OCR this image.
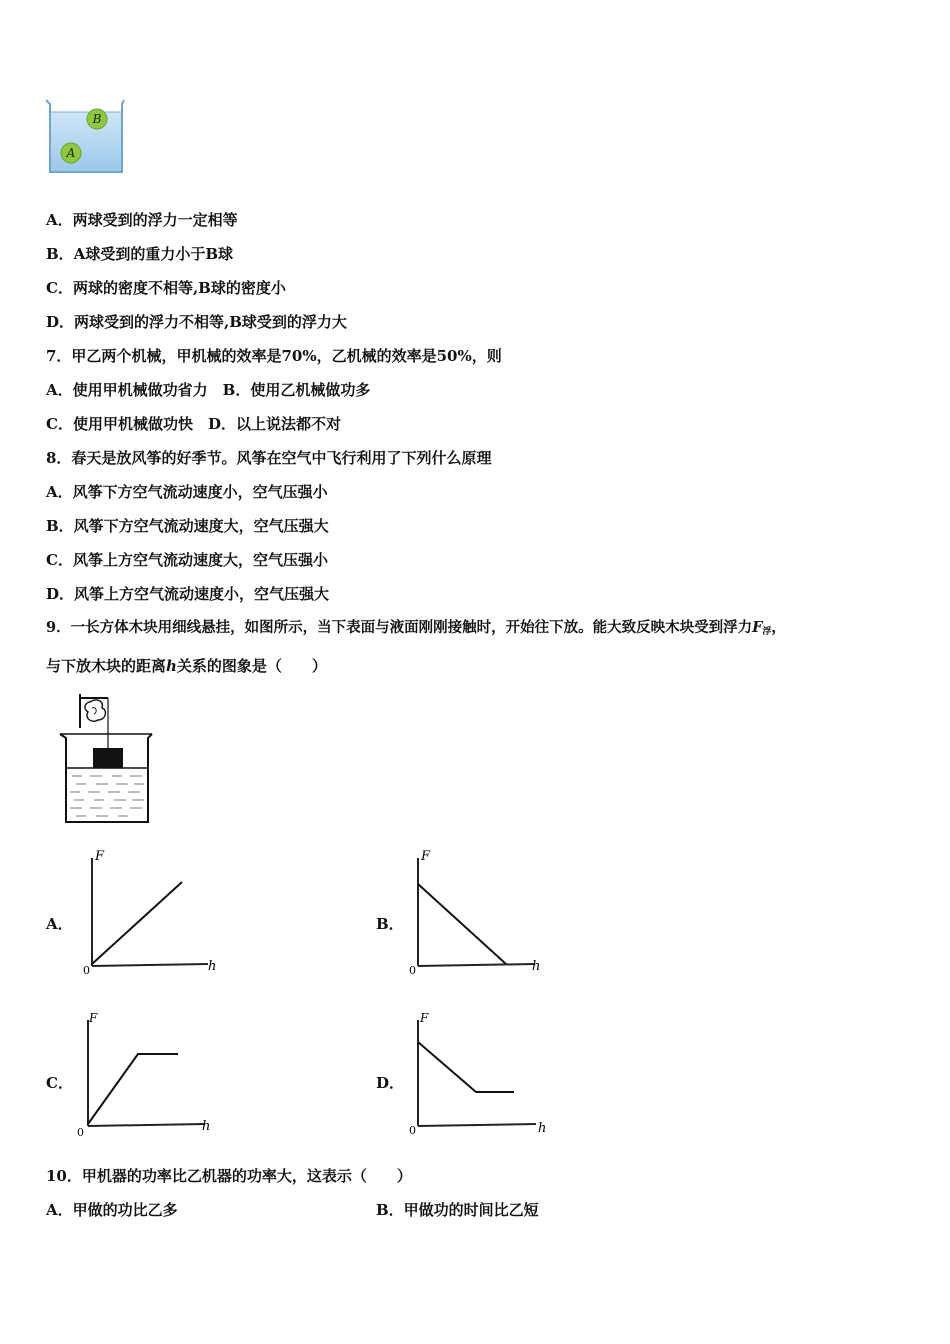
B
A
A．两球受到的浮力一定相等
B．A球受到的重力小于B球
C．两球的密度不相等,B球的密度小
D．两球受到的浮力不相等,B球受到的浮力大
7．甲乙两个机械，甲机械的效率是70%，乙机械的效率是50%，则
A．使用甲机械做功省力　B．使用乙机械做功多
C．使用甲机械做功快　D．以上说法都不对
8．春天是放风筝的好季节。风筝在空气中飞行利用了下列什么原理
A．风筝下方空气流动速度小，空气压强小
B．风筝下方空气流动速度大，空气压强大
C．风筝上方空气流动速度大，空气压强小
D．风筝上方空气流动速度小，空气压强大
9．一长方体木块用细线悬挂，如图所示，当下表面与液面刚刚接触时，开始往下放。能大致反映木块受到浮力$F_浮$，
与下放木块的距离h关系的图象是（　　）
A．	B．
C．	D．
F
h
0
F
h
0
F
h
0
F
h
0
10．甲机器的功率比乙机器的功率大，这表示（　　）
A．甲做的功比乙多	B．甲做功的时间比乙短
